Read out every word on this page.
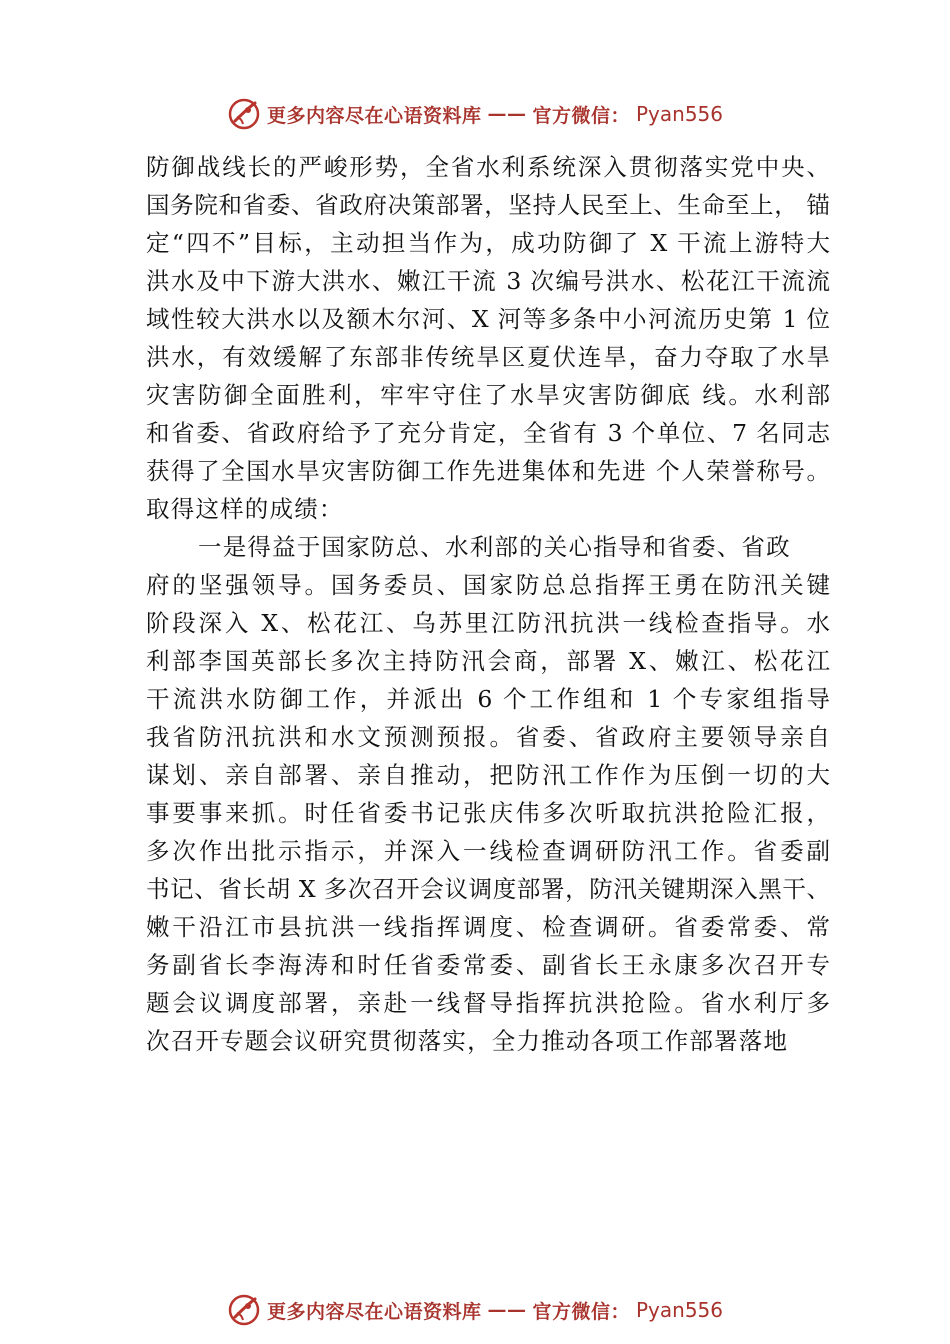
更多内容尽在心语资料库 —— 官方微信： Pyan556
防御战线长的严峻形势，全省水利系统深入贯彻落实党中央、
国务院和省委、省政府决策部署，坚持人民至上、生命至上， 锚
定“四不”目标，主动担当作为，成功防御了 X 干流上游特大
洪水及中下游大洪水、嫩江干流 3 次编号洪水、松花江干流流
域性较大洪水以及额木尔河、X 河等多条中小河流历史第 1 位
洪水，有效缓解了东部非传统旱区夏伏连旱，奋力夺取了水旱
灾害防御全面胜利，牢牢守住了水旱灾害防御底 线。水利部
和省委、省政府给予了充分肯定，全省有 3 个单位、7 名同志
获得了全国水旱灾害防御工作先进集体和先进 个人荣誉称号。
取得这样的成绩：
一是得益于国家防总、水利部的关心指导和省委、省政
府的坚强领导。国务委员、国家防总总指挥王勇在防汛关键
阶段深入 X、松花江、乌苏里江防汛抗洪一线检查指导。水
利部李国英部长多次主持防汛会商，部署 X、嫩江、松花江
干流洪水防御工作，并派出 6 个工作组和 1 个专家组指导
我省防汛抗洪和水文预测预报。省委、省政府主要领导亲自
谋划、亲自部署、亲自推动，把防汛工作作为压倒一切的大
事要事来抓。时任省委书记张庆伟多次听取抗洪抢险汇报，
多次作出批示指示，并深入一线检查调研防汛工作。省委副
书记、省长胡 X 多次召开会议调度部署，防汛关键期深入黑干、
嫩干沿江市县抗洪一线指挥调度、检查调研。省委常委、常
务副省长李海涛和时任省委常委、副省长王永康多次召开专
题会议调度部署，亲赴一线督导指挥抗洪抢险。省水利厅多
次召开专题会议研究贯彻落实，全力推动各项工作部署落地
更多内容尽在心语资料库 —— 官方微信： Pyan556
